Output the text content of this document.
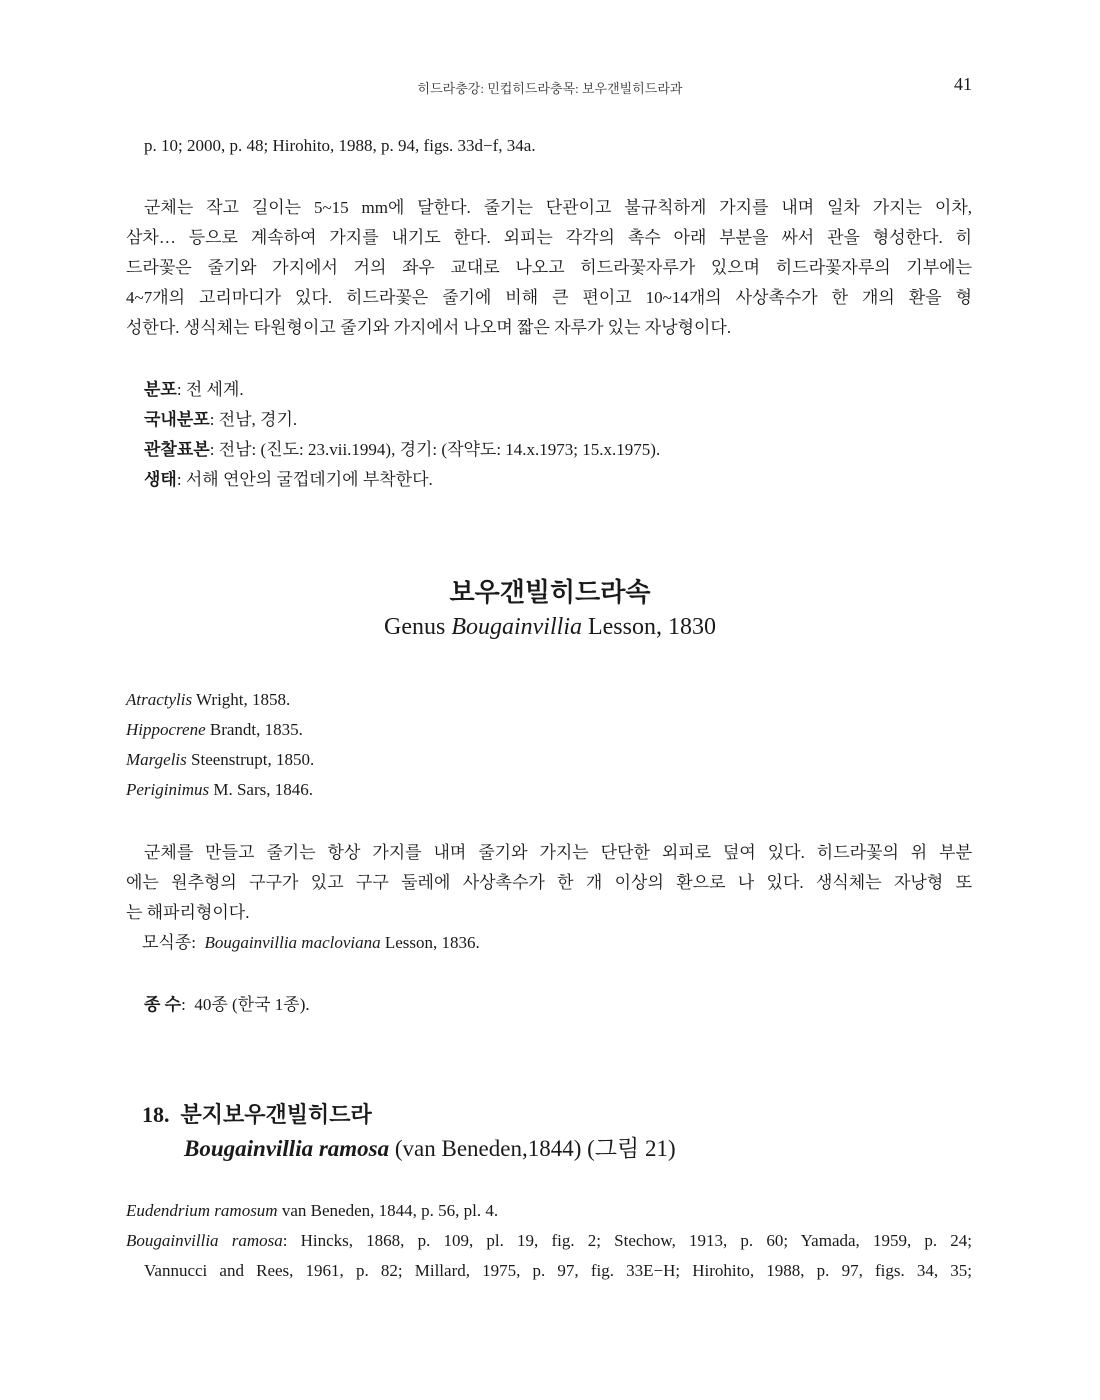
히드라충강: 민컵히드라충목: 보우갠빌히드라과	41
p. 10; 2000, p. 48; Hirohito, 1988, p. 94, figs. 33d−f, 34a.
군체는 작고 길이는 5~15 mm에 달한다. 줄기는 단관이고 불규칙하게 가지를 내며 일차 가지는 이차,
삼차… 등으로 계속하여 가지를 내기도 한다. 외피는 각각의 촉수 아래 부분을 싸서 관을 형성한다. 히
드라꽃은 줄기와 가지에서 거의 좌우 교대로 나오고 히드라꽃자루가 있으며 히드라꽃자루의 기부에는
4~7개의 고리마디가 있다. 히드라꽃은 줄기에 비해 큰 편이고 10~14개의 사상촉수가 한 개의 환을 형
성한다. 생식체는 타원형이고 줄기와 가지에서 나오며 짧은 자루가 있는 자낭형이다.
분포: 전 세계.
국내분포: 전남, 경기.
관찰표본: 전남: (진도: 23.vii.1994), 경기: (작약도: 14.x.1973; 15.x.1975).
생태: 서해 연안의 굴껍데기에 부착한다.
보우갠빌히드라속
Genus Bougainvillia Lesson, 1830
Atractylis Wright, 1858.
Hippocrene Brandt, 1835.
Margelis Steenstrupt, 1850.
Periginimus M. Sars, 1846.
군체를 만들고 줄기는 항상 가지를 내며 줄기와 가지는 단단한 외피로 덮여 있다. 히드라꽃의 위 부분
에는 원추형의 구구가 있고 구구 둘레에 사상촉수가 한 개 이상의 환으로 나 있다. 생식체는 자낭형 또
는 해파리형이다.
모식종:  Bougainvillia macloviana Lesson, 1836.
종 수:  40종 (한국 1종).
18. 분지보우갠빌히드라
Bougainvillia ramosa (van Beneden,1844) (그림 21)
Eudendrium ramosum van Beneden, 1844, p. 56, pl. 4.
Bougainvillia ramosa: Hincks, 1868, p. 109, pl. 19, fig. 2; Stechow, 1913, p. 60; Yamada, 1959, p. 24;
Vannucci and Rees, 1961, p. 82; Millard, 1975, p. 97, fig. 33E−H; Hirohito, 1988, p. 97, figs. 34, 35;
